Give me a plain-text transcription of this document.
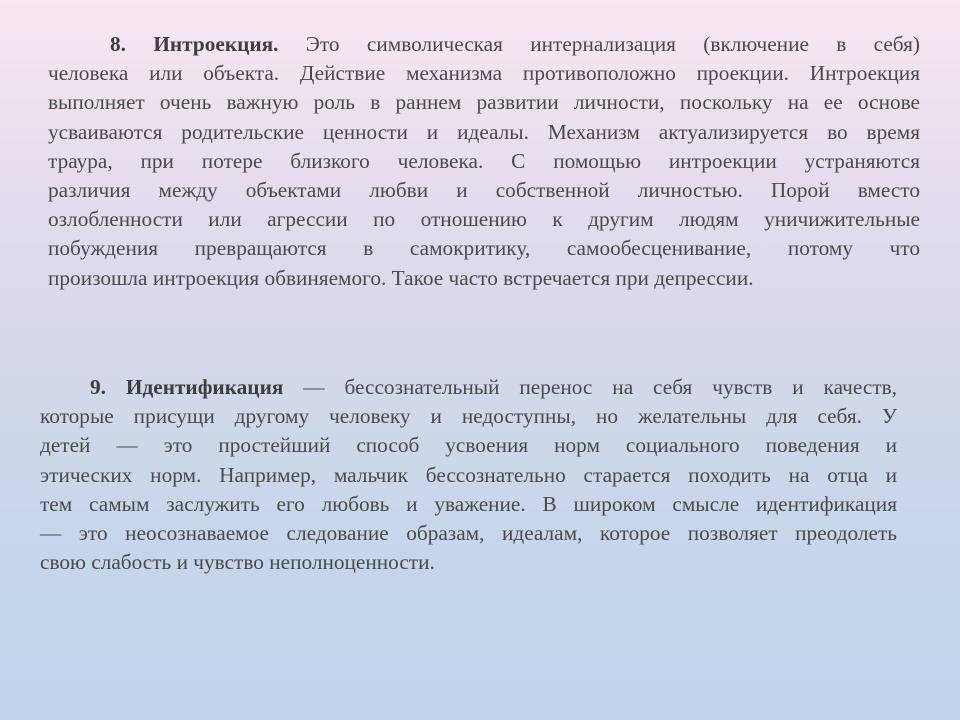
8. Интроекция. Это символическая интернализация (включение в себя)
человека или объекта. Действие механизма противоположно проекции. Интроекция
выполняет очень важную роль в раннем развитии личности, поскольку на ее основе
усваиваются родительские ценности и идеалы. Механизм актуализируется во время
траура, при потере близкого человека. С помощью интроекции устраняются
различия между объектами любви и собственной личностью. Порой вместо
озлобленности или агрессии по отношению к другим людям уничижительные
побуждения превращаются в самокритику, самообесценивание, потому что
произошла интроекция обвиняемого. Такое часто встречается при депрессии.
9. Идентификация — бессознательный перенос на себя чувств и качеств,
которые присущи другому человеку и недоступны, но желательны для себя. У
детей — это простейший способ усвоения норм социального поведения и
этических норм. Например, мальчик бессознательно старается походить на отца и
тем самым заслужить его любовь и уважение. В широком смысле идентификация
— это неосознаваемое следование образам, идеалам, которое позволяет преодолеть
свою слабость и чувство неполноценности.
